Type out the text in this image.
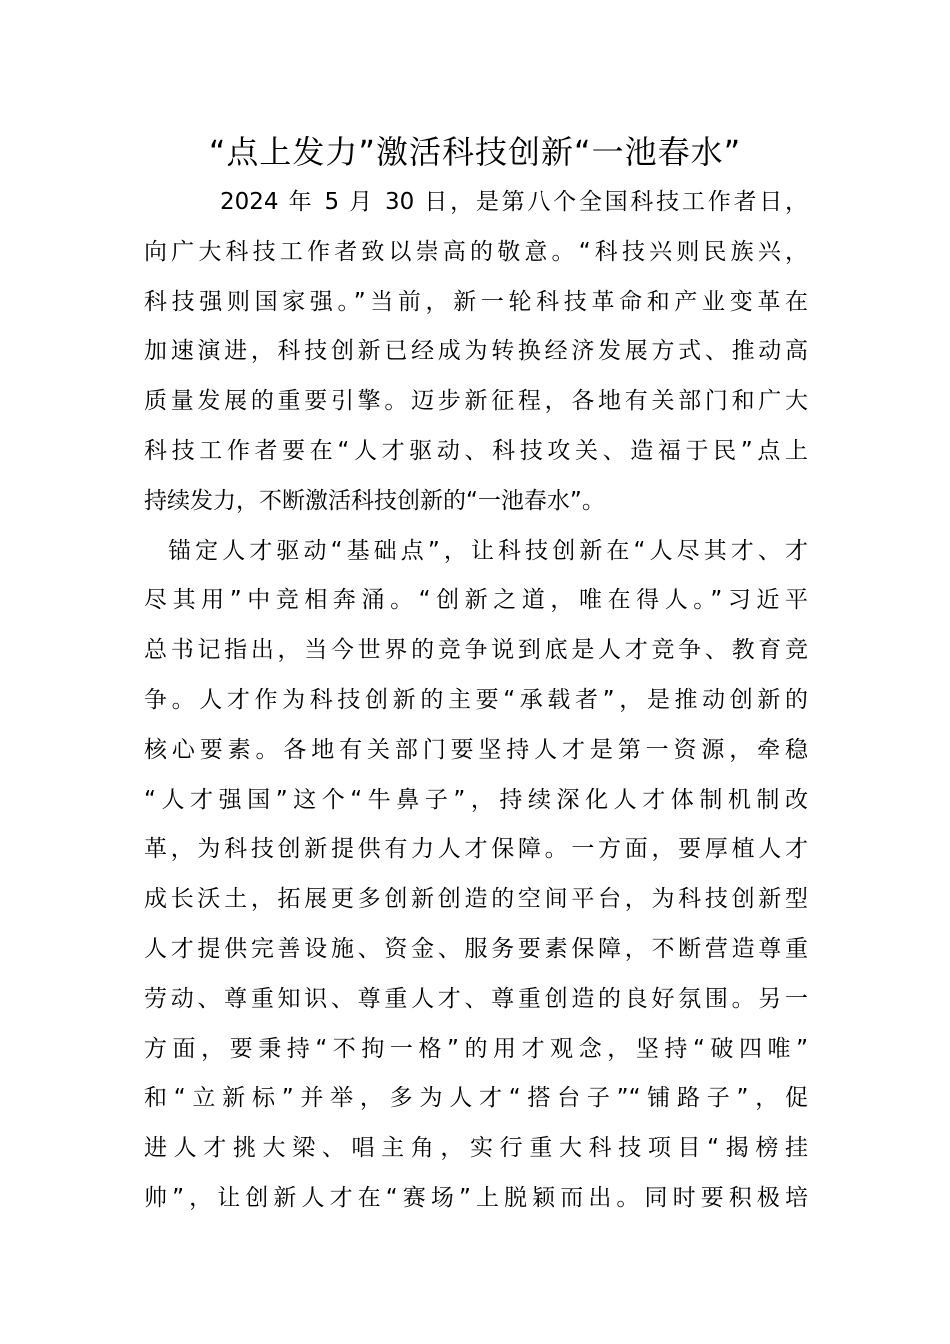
“点上发力”激活科技创新“一池春水”
2024 年 5 月 30 日，是第八个全国科技工作者日，
向广大科技工作者致以崇高的敬意。“科技兴则民族兴，
科技强则国家强。”当前，新一轮科技革命和产业变革在
加速演进，科技创新已经成为转换经济发展方式、推动高
质量发展的重要引擎。迈步新征程，各地有关部门和广大
科技工作者要在“人才驱动、科技攻关、造福于民”点上
持续发力，不断激活科技创新的“一池春水”。
锚定人才驱动“基础点”，让科技创新在“人尽其才、才
尽其用”中竞相奔涌。“创新之道，唯在得人。”习近平
总书记指出，当今世界的竞争说到底是人才竞争、教育竞
争。人才作为科技创新的主要“承载者”，是推动创新的
核心要素。各地有关部门要坚持人才是第一资源，牵稳
“人才强国”这个“牛鼻子”，持续深化人才体制机制改
革，为科技创新提供有力人才保障。一方面，要厚植人才
成长沃土，拓展更多创新创造的空间平台，为科技创新型
人才提供完善设施、资金、服务要素保障，不断营造尊重
劳动、尊重知识、尊重人才、尊重创造的良好氛围。另一
方面，要秉持“不拘一格”的用才观念，坚持“破四唯”
和“立新标”并举，多为人才“搭台子”“铺路子”，促
进人才挑大梁、唱主角，实行重大科技项目“揭榜挂
帅”，让创新人才在“赛场”上脱颖而出。同时要积极培
